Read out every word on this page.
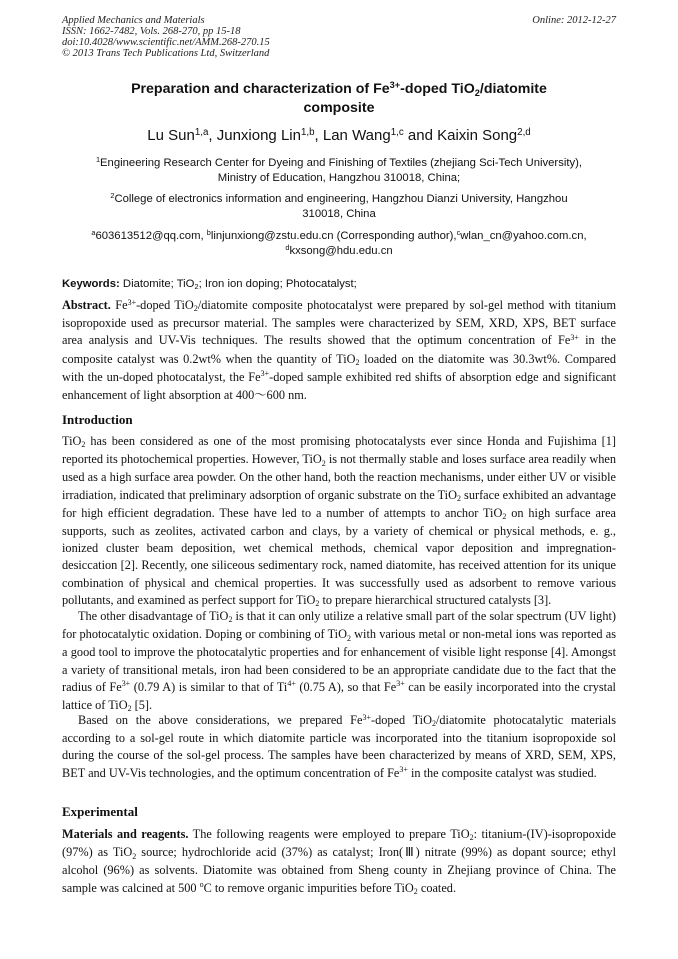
Applied Mechanics and Materials
ISSN: 1662-7482, Vols. 268-270, pp 15-18
doi:10.4028/www.scientific.net/AMM.268-270.15
© 2013 Trans Tech Publications Ltd, Switzerland
Online: 2012-12-27
Preparation and characterization of $Fe^{3+}$-doped TiO$_2$/diatomite
composite
Lu Sun$^{1,a}$, Junxiong Lin$^{1,b}$, Lan Wang$^{1,c}$ and Kaixin Song$^{2,d}$
$^1$Engineering Research Center for Dyeing and Finishing of Textiles (zhejiang Sci-Tech University),
Ministry of Education, Hangzhou 310018, China;
$^2$College of electronics information and engineering, Hangzhou Dianzi University, Hangzhou
310018, China
$^a$603613512@qq.com, $^b$linjunxiong@zstu.edu.cn (Corresponding author),$^c$wlan_cn@yahoo.com.cn,
$^d$kxsong@hdu.edu.cn
Keywords: Diatomite; TiO$_2$; Iron ion doping; Photocatalyst;
Abstract. $Fe^{3+}$-doped TiO$_2$/diatomite composite photocatalyst were prepared by sol-gel method with titanium isopropoxide used as precursor material. The samples were characterized by SEM, XRD, XPS, BET surface area analysis and UV-Vis techniques. The results showed that the optimum concentration of $Fe^{3+}$ in the composite catalyst was 0.2wt% when the quantity of TiO$_2$ loaded on the diatomite was 30.3wt%. Compared with the un-doped photocatalyst, the $Fe^{3+}$-doped sample exhibited red shifts of absorption edge and significant enhancement of light absorption at 400～600 nm.
Introduction
TiO$_2$ has been considered as one of the most promising photocatalysts ever since Honda and Fujishima [1] reported its photochemical properties. However, TiO$_2$ is not thermally stable and loses surface area readily when used as a high surface area powder. On the other hand, both the reaction mechanisms, under either UV or visible irradiation, indicated that preliminary adsorption of organic substrate on the TiO$_2$ surface exhibited an advantage for high efficient degradation. These have led to a number of attempts to anchor TiO$_2$ on high surface area supports, such as zeolites, activated carbon and clays, by a variety of chemical or physical methods, e. g., ionized cluster beam deposition, wet chemical methods, chemical vapor deposition and impregnation-desiccation [2]. Recently, one siliceous sedimentary rock, named diatomite, has received attention for its unique combination of physical and chemical properties. It was successfully used as adsorbent to remove various pollutants, and examined as perfect support for TiO$_2$ to prepare hierarchical structured catalysts [3].
The other disadvantage of TiO$_2$ is that it can only utilize a relative small part of the solar spectrum (UV light) for photocatalytic oxidation. Doping or combining of TiO$_2$ with various metal or non-metal ions was reported as a good tool to improve the photocatalytic properties and for enhancement of visible light response [4]. Amongst a variety of transitional metals, iron had been considered to be an appropriate candidate due to the fact that the radius of $Fe^{3+}$ (0.79 A) is similar to that of $Ti^{4+}$ (0.75 A), so that $Fe^{3+}$ can be easily incorporated into the crystal lattice of TiO$_2$ [5].
Based on the above considerations, we prepared $Fe^{3+}$-doped TiO$_2$/diatomite photocatalytic materials according to a sol-gel route in which diatomite particle was incorporated into the titanium isopropoxide sol during the course of the sol-gel process. The samples have been characterized by means of XRD, SEM, XPS, BET and UV-Vis technologies, and the optimum concentration of $Fe^{3+}$ in the composite catalyst was studied.
Experimental
Materials and reagents. The following reagents were employed to prepare TiO$_2$: titanium-(IV)-isopropoxide (97%) as TiO$_2$ source; hydrochloride acid (37%) as catalyst; Iron(Ⅲ) nitrate (99%) as dopant source; ethyl alcohol (96%) as solvents. Diatomite was obtained from Sheng county in Zhejiang province of China. The sample was calcined at 500 $^o$C to remove organic impurities before TiO$_2$ coated.
